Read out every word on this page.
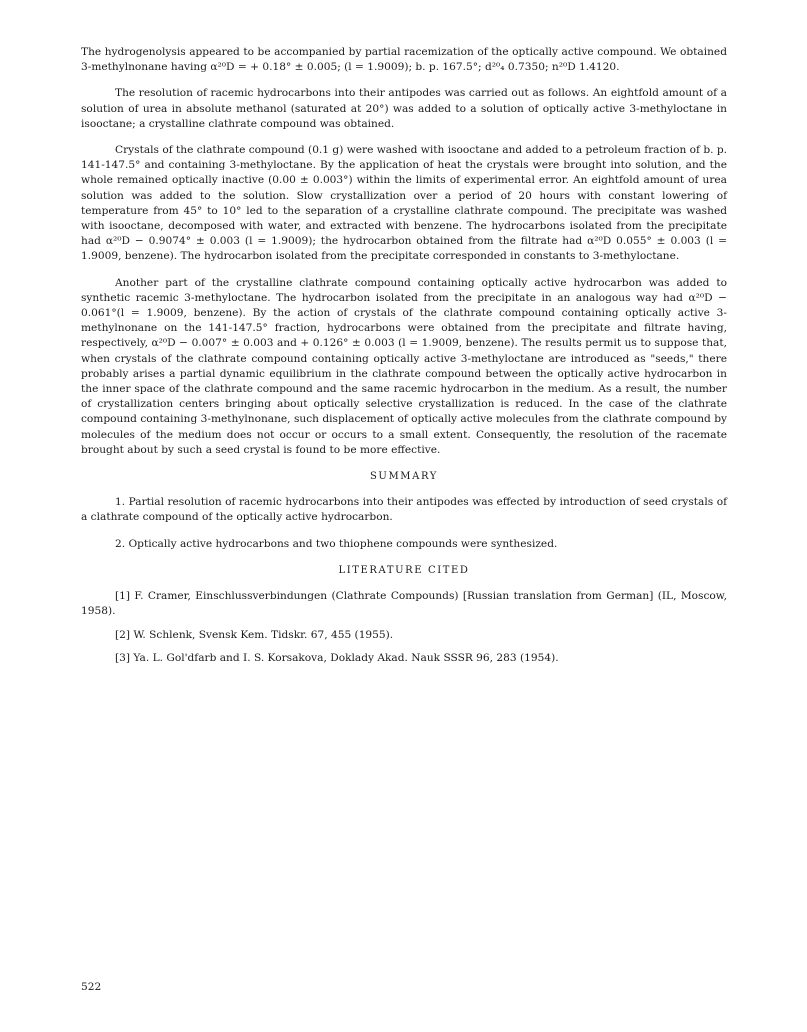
The hydrogenolysis appeared to be accompanied by partial racemization of the optically active compound. We obtained 3-methylnonane having α²⁰D = + 0.18° ± 0.005; (l = 1.9009); b. p. 167.5°; d²⁰₄ 0.7350; n²⁰D 1.4120.

The resolution of racemic hydrocarbons into their antipodes was carried out as follows. An eightfold amount of a solution of urea in absolute methanol (saturated at 20°) was added to a solution of optically active 3-methyloctane in isooctane; a crystalline clathrate compound was obtained.

Crystals of the clathrate compound (0.1 g) were washed with isooctane and added to a petroleum fraction of b. p. 141-147.5° and containing 3-methyloctane. By the application of heat the crystals were brought into solution, and the whole remained optically inactive (0.00 ± 0.003°) within the limits of experimental error. An eightfold amount of urea solution was added to the solution. Slow crystallization over a period of 20 hours with constant lowering of temperature from 45° to 10° led to the separation of a crystalline clathrate compound. The precipitate was washed with isooctane, decomposed with water, and extracted with benzene. The hydrocarbons isolated from the precipitate had α²⁰D − 0.9074° ± 0.003 (l = 1.9009); the hydrocarbon obtained from the filtrate had α²⁰D 0.055° ± 0.003 (l = 1.9009, benzene). The hydrocarbon isolated from the precipitate corresponded in constants to 3-methyloctane.

Another part of the crystalline clathrate compound containing optically active hydrocarbon was added to synthetic racemic 3-methyloctane. The hydrocarbon isolated from the precipitate in an analogous way had α²⁰D − 0.061°(l = 1.9009, benzene). By the action of crystals of the clathrate compound containing optically active 3-methylnonane on the 141-147.5° fraction, hydrocarbons were obtained from the precipitate and filtrate having, respectively, α²⁰D − 0.007° ± 0.003 and + 0.126° ± 0.003 (l = 1.9009, benzene). The results permit us to suppose that, when crystals of the clathrate compound containing optically active 3-methyloctane are introduced as "seeds," there probably arises a partial dynamic equilibrium in the clathrate compound between the optically active hydrocarbon in the inner space of the clathrate compound and the same racemic hydrocarbon in the medium. As a result, the number of crystallization centers bringing about optically selective crystallization is reduced. In the case of the clathrate compound containing 3-methylnonane, such displacement of optically active molecules from the clathrate compound by molecules of the medium does not occur or occurs to a small extent. Consequently, the resolution of the racemate brought about by such a seed crystal is found to be more effective.

SUMMARY

1. Partial resolution of racemic hydrocarbons into their antipodes was effected by introduction of seed crystals of a clathrate compound of the optically active hydrocarbon.

2. Optically active hydrocarbons and two thiophene compounds were synthesized.

LITERATURE CITED

[1] F. Cramer, Einschlussverbindungen (Clathrate Compounds) [Russian translation from German] (IL, Moscow, 1958).

[2] W. Schlenk, Svensk Kem. Tidskr. 67, 455 (1955).

[3] Ya. L. Gol'dfarb and I. S. Korsakova, Doklady Akad. Nauk SSSR 96, 283 (1954).

522
